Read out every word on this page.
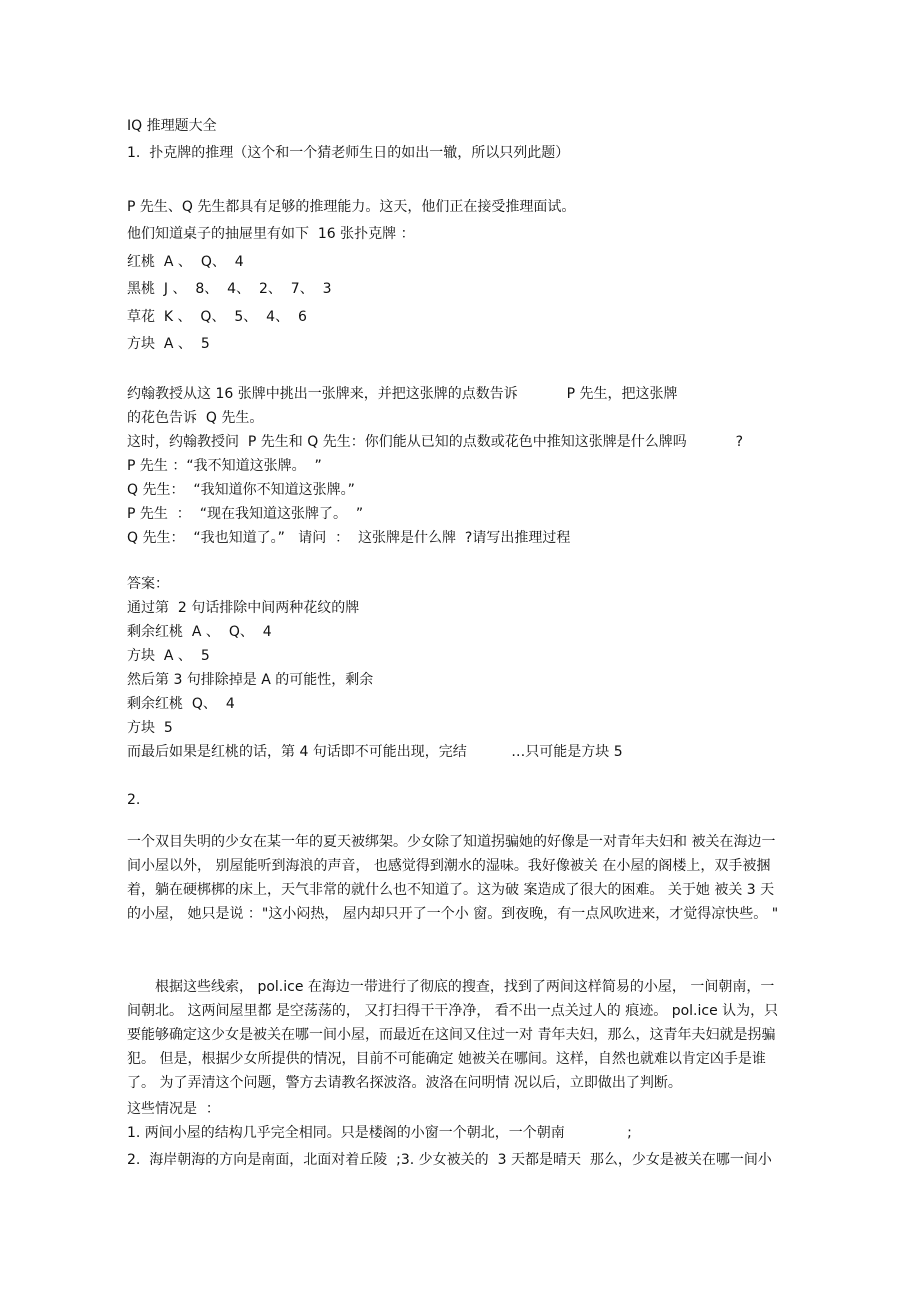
IQ 推理题大全
1.  扑克牌的推理（这个和一个猜老师生日的如出一辙，所以只列此题）
P 先生、Q 先生都具有足够的推理能力。这天，他们正在接受推理面试。
他们知道桌子的抽屉里有如下  16 张扑克牌 ：
红桃  A 、  Q、  4
黑桃  J 、  8、  4、  2、  7、  3
草花  K 、  Q、  5、  4、  6
方块  A 、  5
约翰教授从这 16 张牌中挑出一张牌来，并把这张牌的点数告诉           P 先生，把这张牌
的花色告诉  Q 先生。
这时，约翰教授问  P 先生和 Q 先生：你们能从已知的点数或花色中推知这张牌是什么牌吗           ?
P 先生 ：“我不知道这张牌。  ”
Q 先生：  “我知道你不知道这张牌。”
P 先生  ：  “现在我知道这张牌了。  ”
Q 先生：  “我也知道了。”   请问  ：  这张牌是什么牌  ?请写出推理过程
答案：
通过第  2 句话排除中间两种花纹的牌
剩余红桃  A 、  Q、  4
方块  A 、  5
然后第 3 句排除掉是 A 的可能性，剩余
剩余红桃  Q、  4
方块  5
而最后如果是红桃的话，第 4 句话即不可能出现，完结          …只可能是方块 5
2.
一个双目失明的少女在某一年的夏天被绑架。少女除了知道拐骗她的好像是一对青年夫妇和 被关在海边一间小屋以外， 别屋能听到海浪的声音， 也感觉得到潮水的湿味。我好像被关 在小屋的阁楼上，双手被捆着，躺在硬梆梆的床上，天气非常的就什么也不知道了。这为破 案造成了很大的困难。 关于她 被关 3 天的小屋， 她只是说 ："这小闷热， 屋内却只开了一个小 窗。到夜晚，有一点风吹进来，才觉得凉快些。 "
根据这些线索， pol.ice 在海边一带进行了彻底的搜查，找到了两间这样简易的小屋， 一间朝南，一间朝北。 这两间屋里都 是空荡荡的， 又打扫得干干净净， 看不出一点关过人的 痕迹。 pol.ice 认为，只要能够确定这少女是被关在哪一间小屋，而最近在这间又住过一对 青年夫妇，那么，这青年夫妇就是拐骗犯。 但是，根据少女所提供的情况，目前不可能确定 她被关在哪间。这样，自然也就难以肯定凶手是谁了。 为了弄清这个问题，警方去请教名探波洛。波洛在问明情 况以后，立即做出了判断。
这些情况是  ：
1. 两间小屋的结构几乎完全相同。只是楼阁的小窗一个朝北，一个朝南              ;
2.  海岸朝海的方向是南面，北面对着丘陵  ;3. 少女被关的  3 天都是晴天  那么，少女是被关在哪一间小
